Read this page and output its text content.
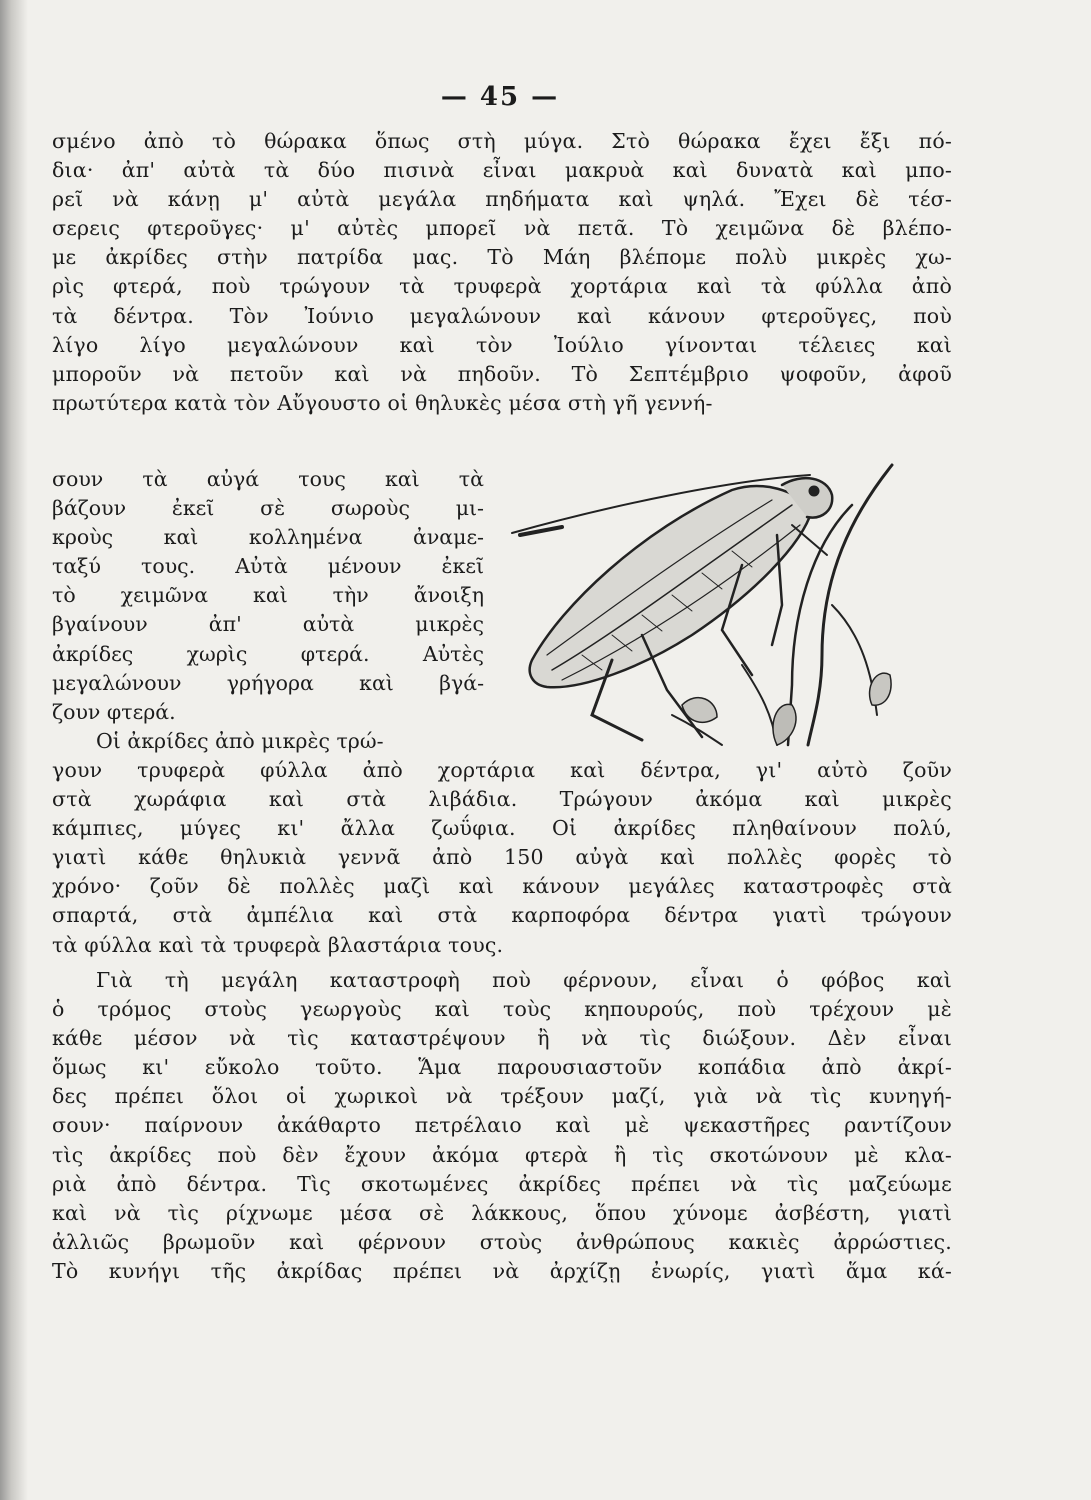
— 45 —
σμένο ἀπὸ τὸ θώρακα ὅπως στὴ μύγα. Στὸ θώρακα ἔχει ἔξι πό-
δια· ἀπ' αὐτὰ τὰ δύο πισινὰ εἶναι μακρυὰ καὶ δυνατὰ καὶ μπο-
ρεῖ νὰ κάνῃ μ' αὐτὰ μεγάλα πηδήματα καὶ ψηλά. Ἔχει δὲ τέσ-
σερεις φτεροῦγες· μ' αὐτὲς μπορεῖ νὰ πετᾶ. Τὸ χειμῶνα δὲ βλέπο-
με ἀκρίδες στὴν πατρίδα μας. Τὸ Μάη βλέπομε πολὺ μικρὲς χω-
ρὶς φτερά, ποὺ τρώγουν τὰ τρυφερὰ χορτάρια καὶ τὰ φύλλα ἀπὸ
τὰ δέντρα. Τὸν Ἰούνιο μεγαλώνουν καὶ κάνουν φτεροῦγες, ποὺ
λίγο λίγο μεγαλώνουν καὶ τὸν Ἰούλιο γίνονται τέλειες καὶ
μποροῦν νὰ πετοῦν καὶ νὰ πηδοῦν. Τὸ Σεπτέμβριο ψοφοῦν, ἀφοῦ
πρωτύτερα κατὰ τὸν Αὔγουστο οἱ θηλυκὲς μέσα στὴ γῆ γεννή-
σουν τὰ αὐγά τους καὶ τὰ
βάζουν ἐκεῖ σὲ σωροὺς μι-
κροὺς καὶ κολλημένα ἀναμε-
ταξύ τους. Αὐτὰ μένουν ἐκεῖ
τὸ χειμῶνα καὶ τὴν ἄνοιξη
βγαίνουν ἀπ' αὐτὰ μικρὲς
ἀκρίδες χωρὶς φτερά. Αὐτὲς
μεγαλώνουν γρήγορα καὶ βγά-
ζουν φτερά.
Οἱ ἀκρίδες ἀπὸ μικρὲς τρώ-
γουν τρυφερὰ φύλλα ἀπὸ χορτάρια καὶ δέντρα, γι' αὐτὸ ζοῦν
στὰ χωράφια καὶ στὰ λιβάδια. Τρώγουν ἀκόμα καὶ μικρὲς
κάμπιες, μύγες κι' ἄλλα ζωΰφια. Οἱ ἀκρίδες πληθαίνουν πολύ,
γιατὶ κάθε θηλυκιὰ γεννᾶ ἀπὸ 150 αὐγὰ καὶ πολλὲς φορὲς τὸ
χρόνο· ζοῦν δὲ πολλὲς μαζὶ καὶ κάνουν μεγάλες καταστροφὲς στὰ
σπαρτά, στὰ ἀμπέλια καὶ στὰ καρποφόρα δέντρα γιατὶ τρώγουν
τὰ φύλλα καὶ τὰ τρυφερὰ βλαστάρια τους.
Γιὰ τὴ μεγάλη καταστροφὴ ποὺ φέρνουν, εἶναι ὁ φόβος καὶ
ὁ τρόμος στοὺς γεωργοὺς καὶ τοὺς κηπουρούς, ποὺ τρέχουν μὲ
κάθε μέσον νὰ τὶς καταστρέψουν ἢ νὰ τὶς διώξουν. Δὲν εἶναι
ὅμως κι' εὔκολο τοῦτο. Ἅμα παρουσιαστοῦν κοπάδια ἀπὸ ἀκρί-
δες πρέπει ὅλοι οἱ χωρικοὶ νὰ τρέξουν μαζί, γιὰ νὰ τὶς κυνηγή-
σουν· παίρνουν ἀκάθαρτο πετρέλαιο καὶ μὲ ψεκαστῆρες ραντίζουν
τὶς ἀκρίδες ποὺ δὲν ἔχουν ἀκόμα φτερὰ ἢ τὶς σκοτώνουν μὲ κλα-
ριὰ ἀπὸ δέντρα. Τὶς σκοτωμένες ἀκρίδες πρέπει νὰ τὶς μαζεύωμε
καὶ νὰ τὶς ρίχνωμε μέσα σὲ λάκκους, ὅπου χύνομε ἀσβέστη, γιατὶ
ἀλλιῶς βρωμοῦν καὶ φέρνουν στοὺς ἀνθρώπους κακιὲς ἀρρώστιες.
Τὸ κυνήγι τῆς ἀκρίδας πρέπει νὰ ἀρχίζῃ ἐνωρίς, γιατὶ ἅμα κά-
